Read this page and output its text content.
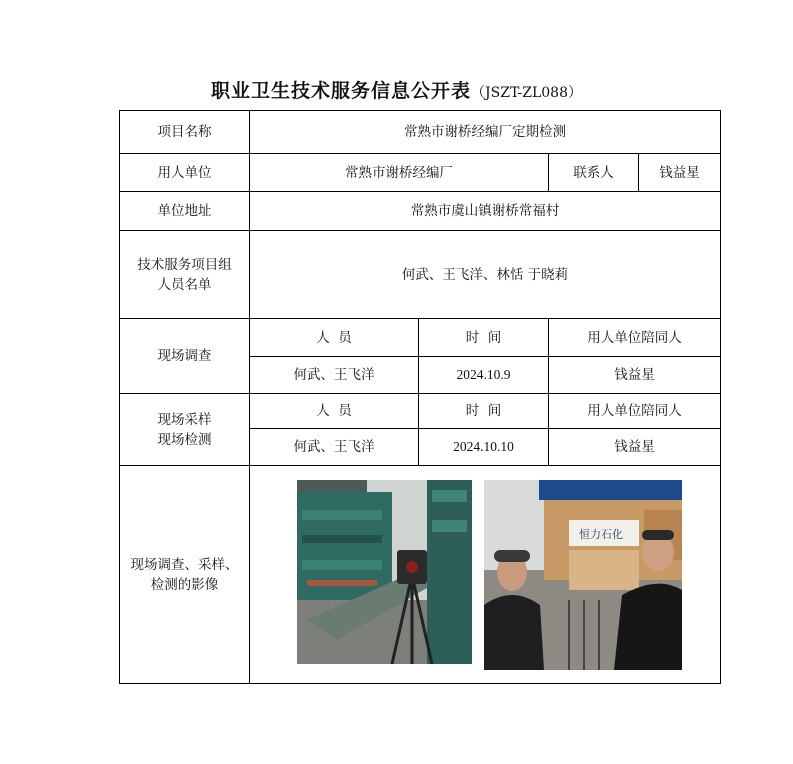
职业卫生技术服务信息公开表（JSZT-ZL088）
项目名称	常熟市谢桥经编厂定期检测			
用人单位	常熟市谢桥经编厂		联系人	钱益星
单位地址	常熟市虞山镇谢桥常福村			

技术服务项目组
人员名单	何武、王飞洋、林恬 于晓莉			
现场调查	人  员	时  间	用人单位陪同人	
	何武、王飞洋	2024.10.9	钱益星	

现场采样
现场检测	人  员	时  间	用人单位陪同人	
	何武、王飞洋	2024.10.10	钱益星	

现场调查、采样、
检测的影像	恒力石化			
